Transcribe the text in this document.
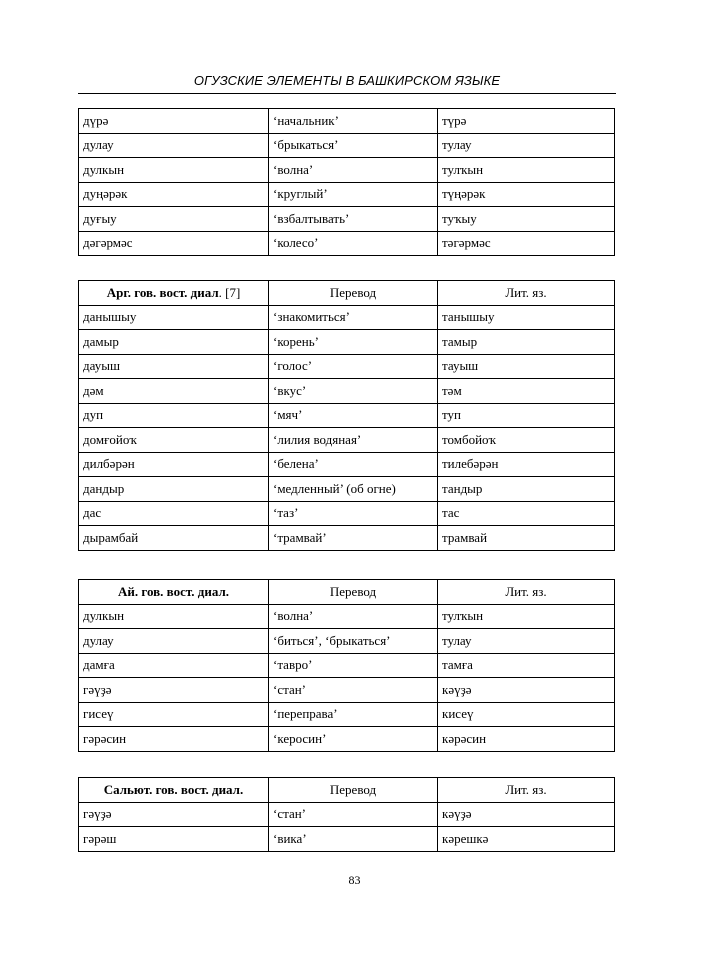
ОГУЗСКИЕ ЭЛЕМЕНТЫ В БАШКИРСКОМ ЯЗЫКЕ
дүрә	‘начальник’	түрә
дулау	‘брыкаться’	тулау
дулкын	‘волна’	тулҡын
дуңәрәк	‘круглый’	түңәрәк
дуғыу	‘взбалтывать’	туҡыу
дәгәрмәс	‘колесо’	тәгәрмәс
Арг. гов. вост. диал. [7]	Перевод	Лит. яз.
данышыу	‘знакомиться’	танышыу
дамыр	‘корень’	тамыр
дауыш	‘голос’	тауыш
дәм	‘вкус’	тәм
дуп	‘мяч’	туп
домғойоҡ	‘лилия водяная’	томбойоҡ
дилбәрән	‘белена’	тилебәрән
дандыр	‘медленный’ (об огне)	тандыр
дас	‘таз’	тас
дырамбай	‘трамвай’	трамвай
Ай. гов. вост. диал.	Перевод	Лит. яз.
дулкын	‘волна’	тулҡын
дулау	‘биться’, ‘брыкаться’	тулау
дамға	‘тавро’	тамға
гәүҙә	‘стан’	кәүҙә
гисеү	‘переправа’	кисеү
гәрәсин	‘керосин’	кәрәсин
Сальют. гов. вост. диал.	Перевод	Лит. яз.
гәүҙә	‘стан’	кәүҙә
гәрәш	‘вика’	кәрешкә
83
